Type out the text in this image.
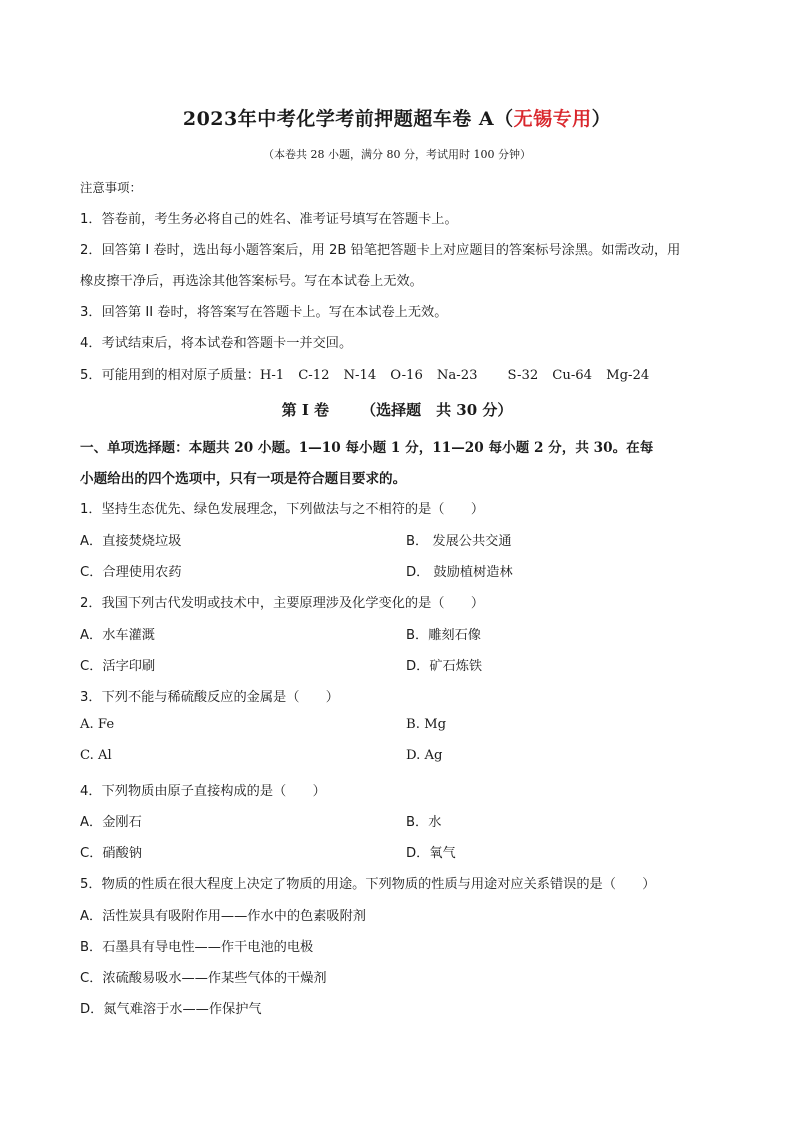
2023年中考化学考前押题超车卷 A（无锡专用）
（本卷共 28 小题，满分 80 分，考试用时 100 分钟）
注意事项：
1．答卷前，考生务必将自己的姓名、准考证号填写在答题卡上。
2．回答第 I 卷时，选出每小题答案后，用 2B 铅笔把答题卡上对应题目的答案标号涂黑。如需改动，用
橡皮擦干净后，再选涂其他答案标号。写在本试卷上无效。
3．回答第 II 卷时，将答案写在答题卡上。写在本试卷上无效。
4．考试结束后，将本试卷和答题卡一并交回。
5．可能用到的相对原子质量：H-1 C-12 N-14 O-16 Na-23 S-32 Cu-64 Mg-24
第 I 卷 （选择题　共 30 分）
一、单项选择题：本题共 20 小题。1—10 每小题 1 分，11—20 每小题 2 分，共 30。在每
小题给出的四个选项中，只有一项是符合题目要求的。
1．坚持生态优先、绿色发展理念，下列做法与之不相符的是（　　）
A．直接焚烧垃圾	B． 发展公共交通
C．合理使用农药	D． 鼓励植树造林
2．我国下列古代发明或技术中，主要原理涉及化学变化的是（　　）
A．水车灌溉	B．雕刻石像
C．活字印刷	D．矿石炼铁
3．下列不能与稀硫酸反应的金属是（　　）
A. Fe	B. Mg
C. Al	D. Ag
4．下列物质由原子直接构成的是（　　）
A．金刚石	B．水
C．硝酸钠	D．氧气
5．物质的性质在很大程度上决定了物质的用途。下列物质的性质与用途对应关系错误的是（　　）
A．活性炭具有吸附作用——作水中的色素吸附剂
B．石墨具有导电性——作干电池的电极
C．浓硫酸易吸水——作某些气体的干燥剂
D．氮气难溶于水——作保护气
